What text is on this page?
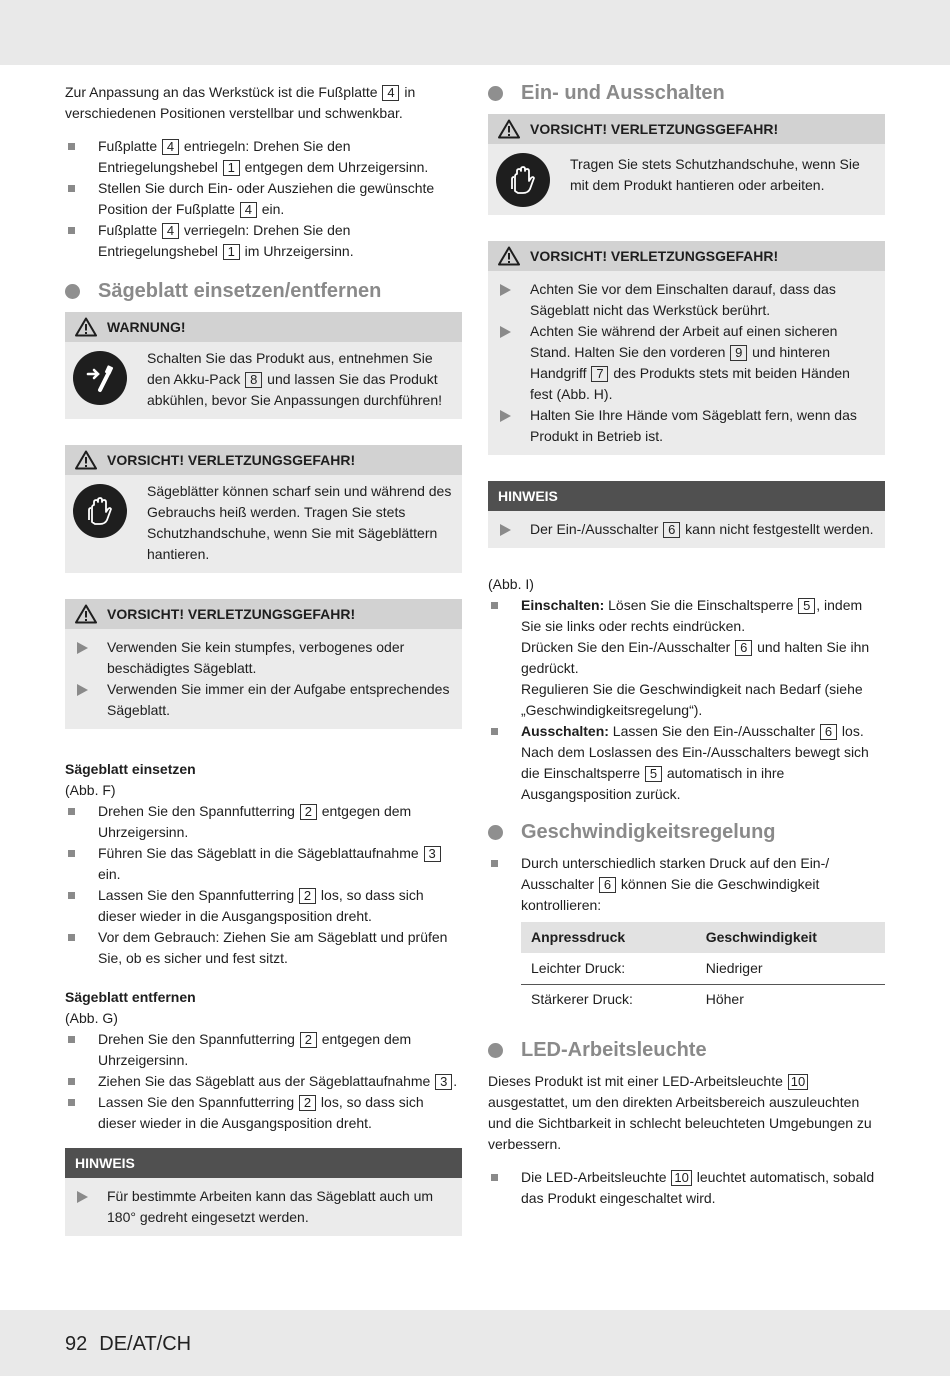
Zur Anpassung an das Werkstück ist die Fußplatte 4 in verschiedenen Positionen verstellbar und schwenkbar.

Fußplatte 4 entriegeln: Drehen Sie den Entriegelungshebel 1 entgegen dem Uhrzeigersinn.
Stellen Sie durch Ein- oder Ausziehen die gewünschte Position der Fußplatte 4 ein.
Fußplatte 4 verriegeln: Drehen Sie den Entriegelungshebel 1 im Uhrzeigersinn.
Sägeblatt einsetzen/entfernen
WARNUNG!
Schalten Sie das Produkt aus, entnehmen Sie den Akku-Pack 8 und lassen Sie das Produkt abkühlen, bevor Sie Anpassungen durchführen!
VORSICHT! VERLETZUNGSGEFAHR!
Sägeblätter können scharf sein und während des Gebrauchs heiß werden. Tragen Sie stets Schutzhandschuhe, wenn Sie mit Sägeblättern hantieren.
VORSICHT! VERLETZUNGSGEFAHR!
Verwenden Sie kein stumpfes, verbogenes oder beschädigtes Sägeblatt.
Verwenden Sie immer ein der Aufgabe entsprechendes Sägeblatt.
Sägeblatt einsetzen
(Abb. F)
Drehen Sie den Spannfutterring 2 entgegen dem Uhrzeigersinn.
Führen Sie das Sägeblatt in die Sägeblattaufnahme 3 ein.
Lassen Sie den Spannfutterring 2 los, so dass sich dieser wieder in die Ausgangsposition dreht.
Vor dem Gebrauch: Ziehen Sie am Sägeblatt und prüfen Sie, ob es sicher und fest sitzt.
Sägeblatt entfernen
(Abb. G)
Drehen Sie den Spannfutterring 2 entgegen dem Uhrzeigersinn.
Ziehen Sie das Sägeblatt aus der Sägeblattaufnahme 3 .
Lassen Sie den Spannfutterring 2 los, so dass sich dieser wieder in die Ausgangsposition dreht.
HINWEIS
Für bestimmte Arbeiten kann das Sägeblatt auch um 180° gedreht eingesetzt werden.
Ein- und Ausschalten
VORSICHT! VERLETZUNGSGEFAHR!
Tragen Sie stets Schutzhandschuhe, wenn Sie mit dem Produkt hantieren oder arbeiten.
VORSICHT! VERLETZUNGSGEFAHR!
Achten Sie vor dem Einschalten darauf, dass das Sägeblatt nicht das Werkstück berührt.
Achten Sie während der Arbeit auf einen sicheren Stand. Halten Sie den vorderen 9 und hinteren Handgriff 7 des Produkts stets mit beiden Händen fest (Abb. H).
Halten Sie Ihre Hände vom Sägeblatt fern, wenn das Produkt in Betrieb ist.
HINWEIS
Der Ein-/Ausschalter 6 kann nicht festgestellt werden.
(Abb. I)
Einschalten: Lösen Sie die Einschaltsperre 5 , indem Sie sie links oder rechts eindrücken.
Drücken Sie den Ein-/Ausschalter 6 und halten Sie ihn gedrückt.
Regulieren Sie die Geschwindigkeit nach Bedarf (siehe „Geschwindigkeitsregelung“).
Ausschalten: Lassen Sie den Ein-/Ausschalter 6 los. Nach dem Loslassen des Ein-/Ausschalters bewegt sich die Einschaltsperre 5 automatisch in ihre Ausgangsposition zurück.
Geschwindigkeitsregelung
Durch unterschiedlich starken Druck auf den Ein-/ Ausschalter 6 können Sie die Geschwindigkeit kontrollieren:
Anpressdruck	Geschwindigkeit
Leichter Druck:	Niedriger
Stärkerer Druck:	Höher
LED-Arbeitsleuchte

Dieses Produkt ist mit einer LED-Arbeitsleuchte 10 ausgestattet, um den direkten Arbeitsbereich auszuleuchten und die Sichtbarkeit in schlecht beleuchteten Umgebungen zu verbessern.

Die LED-Arbeitsleuchte 10 leuchtet automatisch, sobald das Produkt eingeschaltet wird.
92 DE/AT/CH
